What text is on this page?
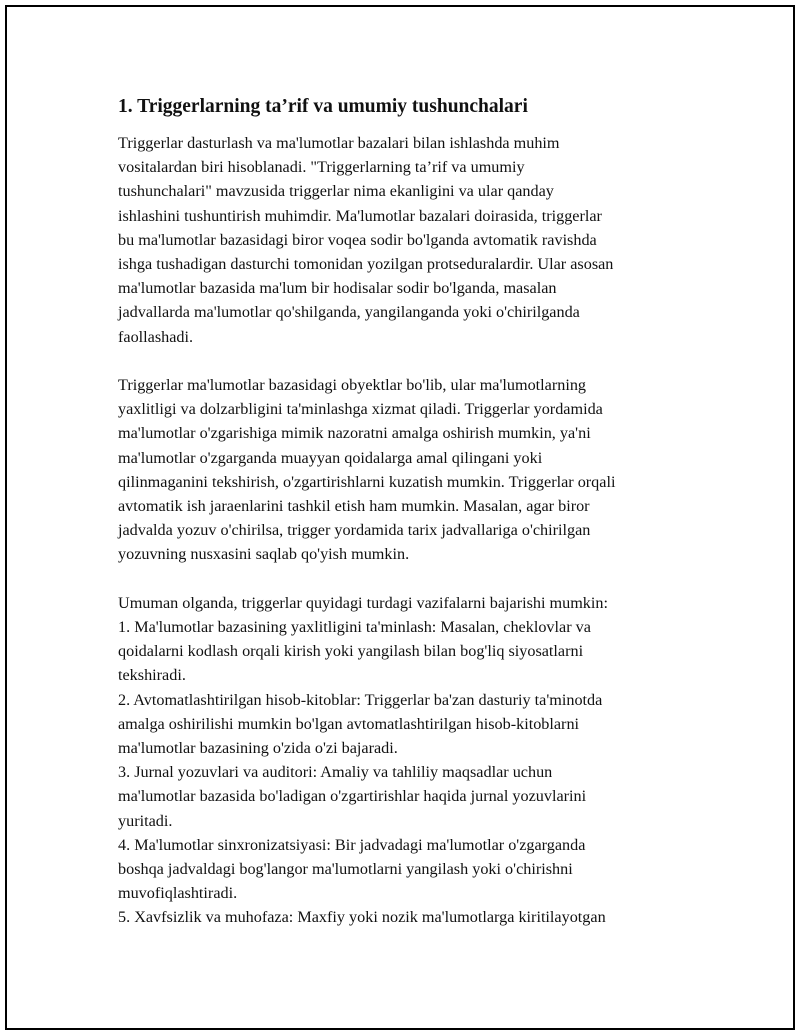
1. Triggerlarning ta’rif va umumiy tushunchalari

Triggerlar dasturlash va ma'lumotlar bazalari bilan ishlashda muhim
vositalardan biri hisoblanadi. "Triggerlarning ta’rif va umumiy
tushunchalari" mavzusida triggerlar nima ekanligini va ular qanday
ishlashini tushuntirish muhimdir. Ma'lumotlar bazalari doirasida, triggerlar
bu ma'lumotlar bazasidagi biror voqea sodir bo'lganda avtomatik ravishda
ishga tushadigan dasturchi tomonidan yozilgan protseduralardir. Ular asosan
ma'lumotlar bazasida ma'lum bir hodisalar sodir bo'lganda, masalan
jadvallarda ma'lumotlar qo'shilganda, yangilanganda yoki o'chirilganda
faollashadi.

Triggerlar ma'lumotlar bazasidagi obyektlar bo'lib, ular ma'lumotlarning
yaxlitligi va dolzarbligini ta'minlashga xizmat qiladi. Triggerlar yordamida
ma'lumotlar o'zgarishiga mimik nazoratni amalga oshirish mumkin, ya'ni
ma'lumotlar o'zgarganda muayyan qoidalarga amal qilingani yoki
qilinmaganini tekshirish, o'zgartirishlarni kuzatish mumkin. Triggerlar orqali
avtomatik ish jaraenlarini tashkil etish ham mumkin. Masalan, agar biror
jadvalda yozuv o'chirilsa, trigger yordamida tarix jadvallariga o'chirilgan
yozuvning nusxasini saqlab qo'yish mumkin.

Umuman olganda, triggerlar quyidagi turdagi vazifalarni bajarishi mumkin:
1. Ma'lumotlar bazasining yaxlitligini ta'minlash: Masalan, cheklovlar va
qoidalarni kodlash orqali kirish yoki yangilash bilan bog'liq siyosatlarni
tekshiradi.
2. Avtomatlashtirilgan hisob-kitoblar: Triggerlar ba'zan dasturiy ta'minotda
amalga oshirilishi mumkin bo'lgan avtomatlashtirilgan hisob-kitoblarni
ma'lumotlar bazasining o'zida o'zi bajaradi.
3. Jurnal yozuvlari va auditori: Amaliy va tahliliy maqsadlar uchun
ma'lumotlar bazasida bo'ladigan o'zgartirishlar haqida jurnal yozuvlarini
yuritadi.
4. Ma'lumotlar sinxronizatsiyasi: Bir jadvadagi ma'lumotlar o'zgarganda
boshqa jadvaldagi bog'langor ma'lumotlarni yangilash yoki o'chirishni
muvofiqlashtiradi.
5. Xavfsizlik va muhofaza: Maxfiy yoki nozik ma'lumotlarga kiritilayotgan
